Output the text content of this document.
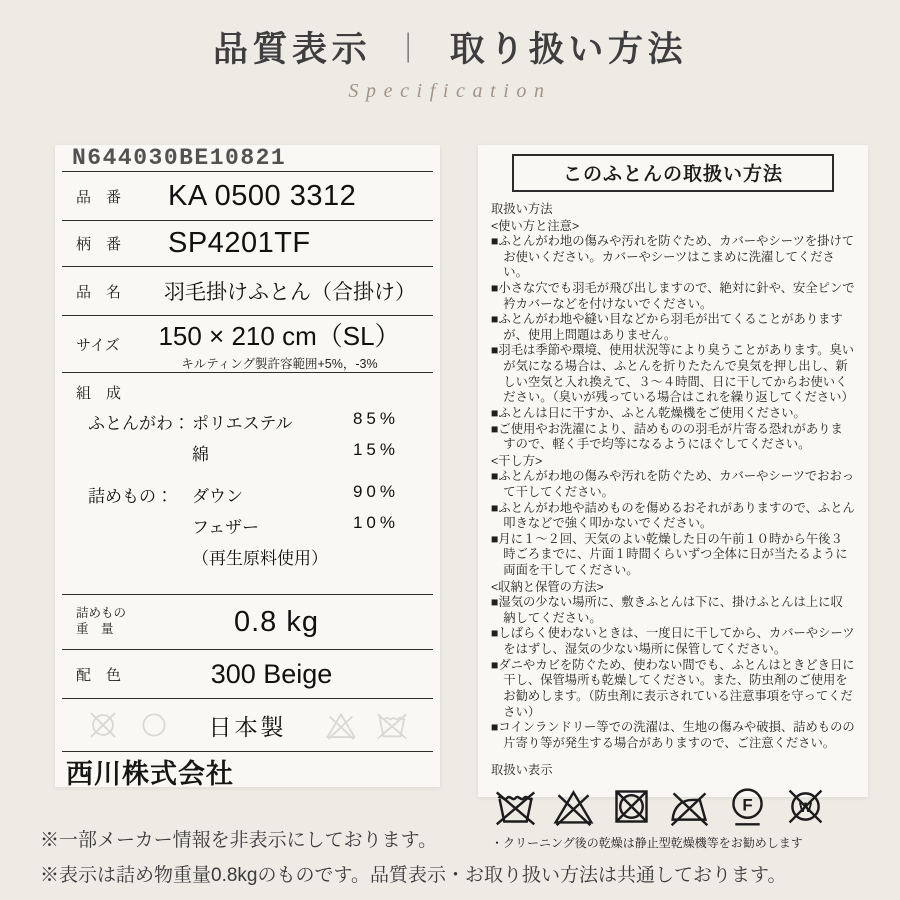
品質表示 ｜ 取り扱い方法
Specification
N644030BE10821
品　番	KA 0500 3312
柄　番	SP4201TF
品　名	羽毛掛けふとん（合掛け）
サイズ	150 × 210 cm（SL）
キルティング製許容範囲+5%，-3%
組　成
ふとんがわ： ポリエステル	85%
綿	15%
詰めもの：	ダウン	90%
フェザー	10%
（再生原料使用）
詰めもの
重　量	0.8 kg
配　色	300 Beige
日本製
西川株式会社
このふとんの取扱い方法
取扱い方法
<使い方と注意>
■ふとんがわ地の傷みや汚れを防ぐため、カバーやシーツを掛けてお使いください。カバーやシーツはこまめに洗濯してください。
■小さな穴でも羽毛が飛び出しますので、絶対に針や、安全ピンで衿カバーなどを付けないでください。
■ふとんがわ地や縫い目などから羽毛が出てくることがありますが、使用上問題はありません。
■羽毛は季節や環境、使用状況等により臭うことがあります。臭いが気になる場合は、ふとんを折りたたんで臭気を押し出し、新しい空気と入れ換えて、３～４時間、日に干してからお使いください。（臭いが残っている場合はこれを繰り返してください）
■ふとんは日に干すか、ふとん乾燥機をご使用ください。
■ご使用やお洗濯により、詰めものの羽毛が片寄る恐れがありますので、軽く手で均等になるようにほぐしてください。
<干し方>
■ふとんがわ地の傷みや汚れを防ぐため、カバーやシーツでおおって干してください。
■ふとんがわ地や詰めものを傷めるおそれがありますので、ふとん叩きなどで強く叩かないでください。
■月に１～２回、天気のよい乾燥した日の午前１０時から午後３時ごろまでに、片面１時間くらいずつ全体に日が当たるように両面を干してください。
<収納と保管の方法>
■湿気の少ない場所に、敷きふとんは下に、掛けふとんは上に収納してください。
■しばらく使わないときは、一度日に干してから、カバーやシーツをはずし、湿気の少ない場所に保管してください。
■ダニやカビを防ぐため、使わない間でも、ふとんはときどき日に干し、保管場所も乾燥してください。また、防虫剤のご使用をお勧めします。（防虫剤に表示されている注意事項を守ってください）
■コインランドリー等での洗濯は、生地の傷みや破損、詰めものの片寄り等が発生する場合がありますので、ご注意ください。
取扱い表示
F	W
・クリーニング後の乾燥は静止型乾燥機等をお勧めします
※一部メーカー情報を非表示にしております。
※表示は詰め物重量0.8kgのものです。品質表示・お取り扱い方法は共通しております。
